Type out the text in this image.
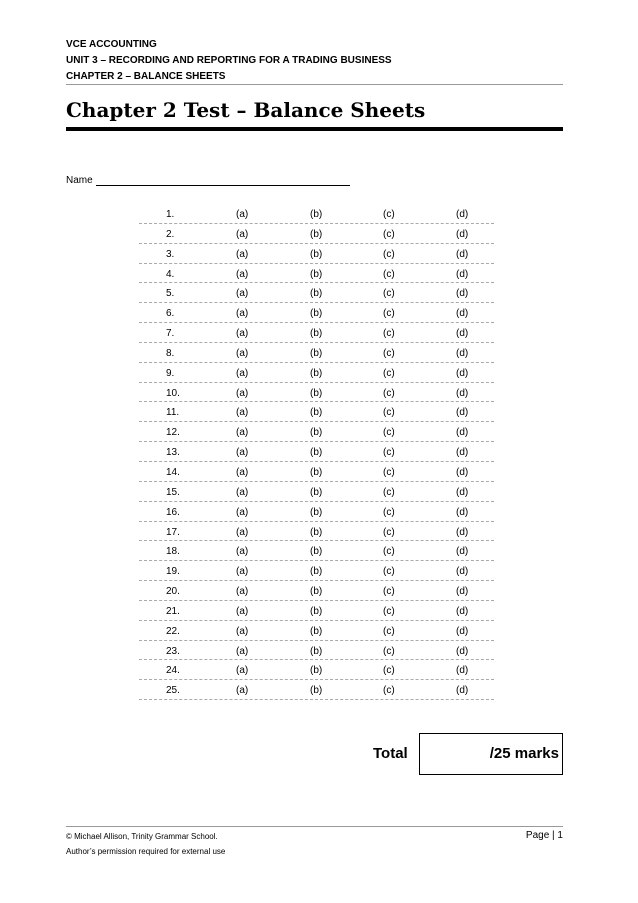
VCE ACCOUNTING
UNIT 3 – RECORDING AND REPORTING FOR A TRADING BUSINESS
CHAPTER 2 – BALANCE SHEETS
Chapter 2 Test – Balance Sheets
Name
1.	(a)	(b)	(c)	(d)
2.	(a)	(b)	(c)	(d)
3.	(a)	(b)	(c)	(d)
4.	(a)	(b)	(c)	(d)
5.	(a)	(b)	(c)	(d)
6.	(a)	(b)	(c)	(d)
7.	(a)	(b)	(c)	(d)
8.	(a)	(b)	(c)	(d)
9.	(a)	(b)	(c)	(d)
10.	(a)	(b)	(c)	(d)
11.	(a)	(b)	(c)	(d)
12.	(a)	(b)	(c)	(d)
13.	(a)	(b)	(c)	(d)
14.	(a)	(b)	(c)	(d)
15.	(a)	(b)	(c)	(d)
16.	(a)	(b)	(c)	(d)
17.	(a)	(b)	(c)	(d)
18.	(a)	(b)	(c)	(d)
19.	(a)	(b)	(c)	(d)
20.	(a)	(b)	(c)	(d)
21.	(a)	(b)	(c)	(d)
22.	(a)	(b)	(c)	(d)
23.	(a)	(b)	(c)	(d)
24.	(a)	(b)	(c)	(d)
25.	(a)	(b)	(c)	(d)
Total	/25 marks
© Michael Allison, Trinity Grammar School.
Author’s permission required for external use
Page | 1
